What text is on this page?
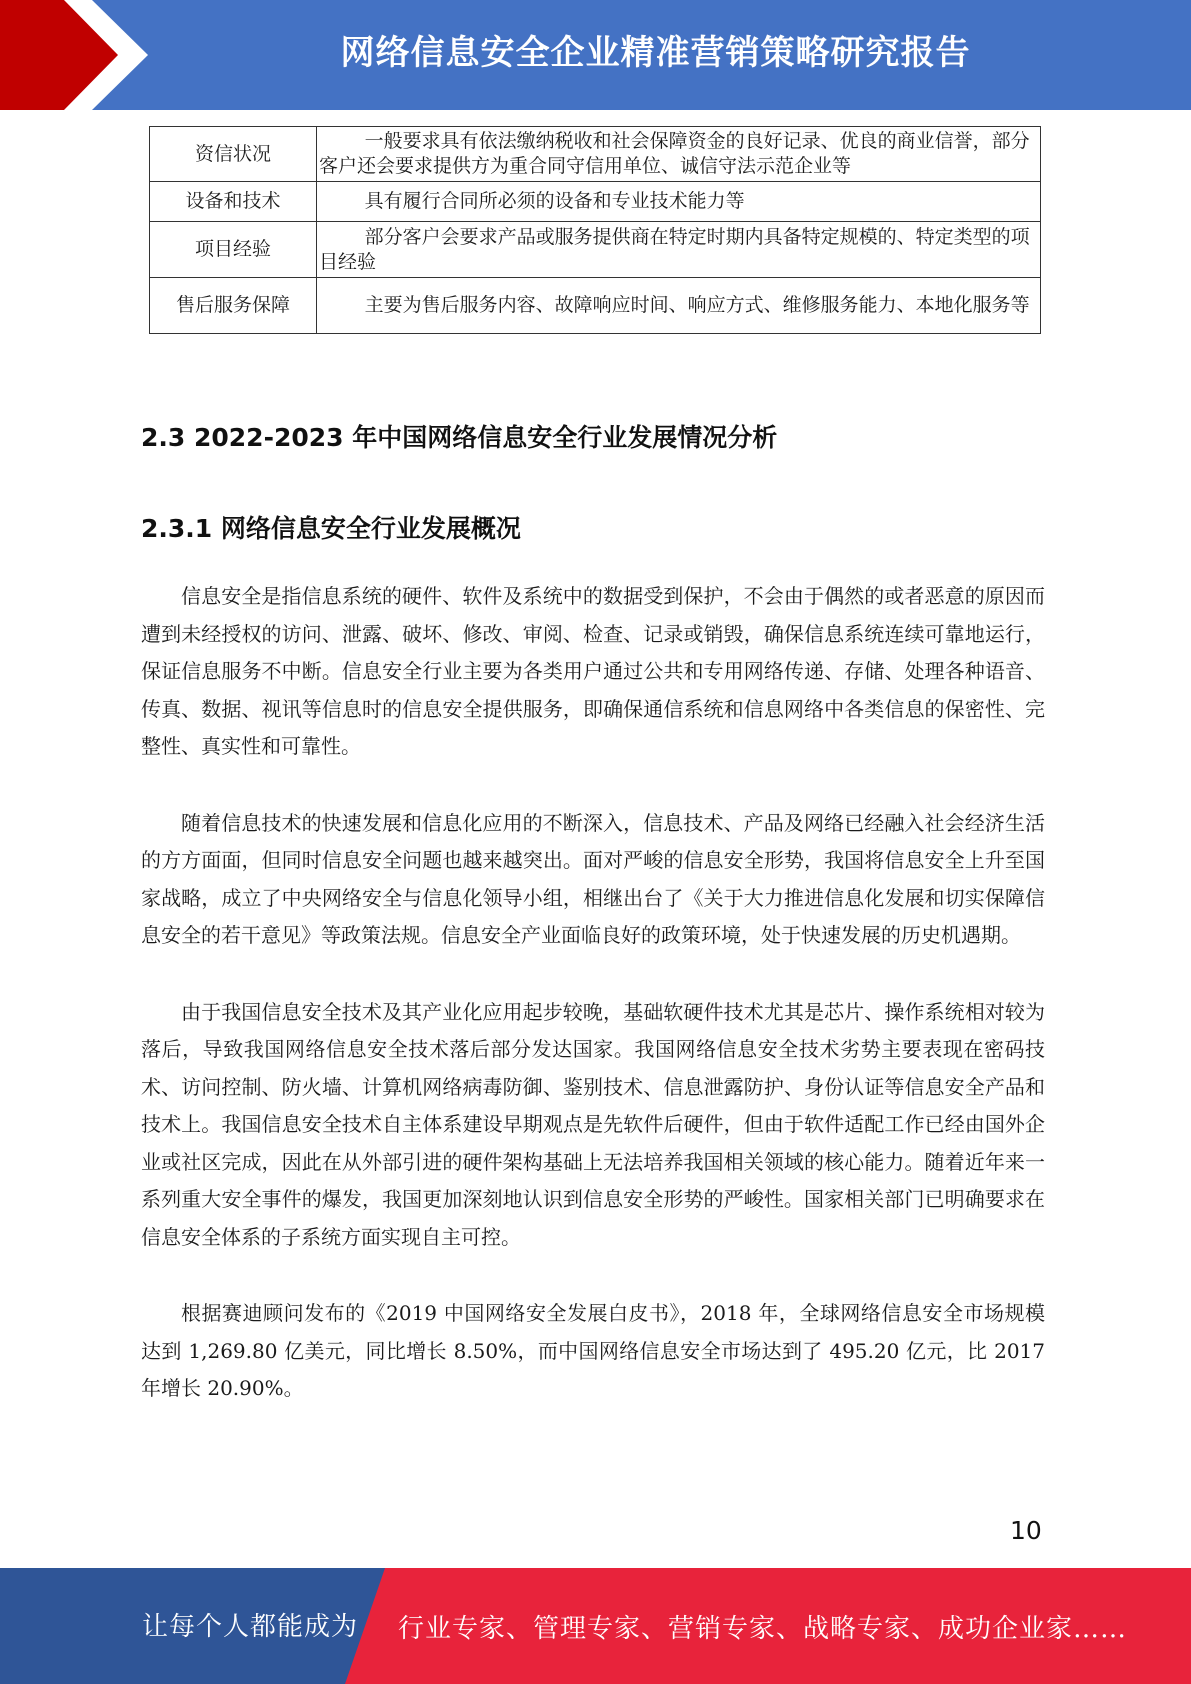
网络信息安全企业精准营销策略研究报告
资信状况	一般要求具有依法缴纳税收和社会保障资金的良好记录、优良的商业信誉，部分客户还会要求提供方为重合同守信用单位、诚信守法示范企业等
设备和技术	具有履行合同所必须的设备和专业技术能力等
项目经验	部分客户会要求产品或服务提供商在特定时期内具备特定规模的、特定类型的项目经验
售后服务保障	主要为售后服务内容、故障响应时间、响应方式、维修服务能力、本地化服务等
2.3 2022-2023 年中国网络信息安全行业发展情况分析
2.3.1 网络信息安全行业发展概况

信息安全是指信息系统的硬件、软件及系统中的数据受到保护，不会由于偶然的或者恶意的原因而遭到未经授权的访问、泄露、破坏、修改、审阅、检查、记录或销毁，确保信息系统连续可靠地运行，保证信息服务不中断。信息安全行业主要为各类用户通过公共和专用网络传递、存储、处理各种语音、传真、数据、视讯等信息时的信息安全提供服务，即确保通信系统和信息网络中各类信息的保密性、完整性、真实性和可靠性。

随着信息技术的快速发展和信息化应用的不断深入，信息技术、产品及网络已经融入社会经济生活的方方面面，但同时信息安全问题也越来越突出。面对严峻的信息安全形势，我国将信息安全上升至国家战略，成立了中央网络安全与信息化领导小组，相继出台了《关于大力推进信息化发展和切实保障信息安全的若干意见》等政策法规。信息安全产业面临良好的政策环境，处于快速发展的历史机遇期。

由于我国信息安全技术及其产业化应用起步较晚，基础软硬件技术尤其是芯片、操作系统相对较为落后，导致我国网络信息安全技术落后部分发达国家。我国网络信息安全技术劣势主要表现在密码技术、访问控制、防火墙、计算机网络病毒防御、鉴别技术、信息泄露防护、身份认证等信息安全产品和技术上。我国信息安全技术自主体系建设早期观点是先软件后硬件，但由于软件适配工作已经由国外企业或社区完成，因此在从外部引进的硬件架构基础上无法培养我国相关领域的核心能力。随着近年来一系列重大安全事件的爆发，我国更加深刻地认识到信息安全形势的严峻性。国家相关部门已明确要求在信息安全体系的子系统方面实现自主可控。

根据赛迪顾问发布的《2019 中国网络安全发展白皮书》，2018 年，全球网络信息安全市场规模达到 1,269.80 亿美元，同比增长 8.50%，而中国网络信息安全市场达到了 495.20 亿元，比 2017 年增长 20.90%。

10
让每个人都能成为 行业专家、管理专家、营销专家、战略专家、成功企业家……
